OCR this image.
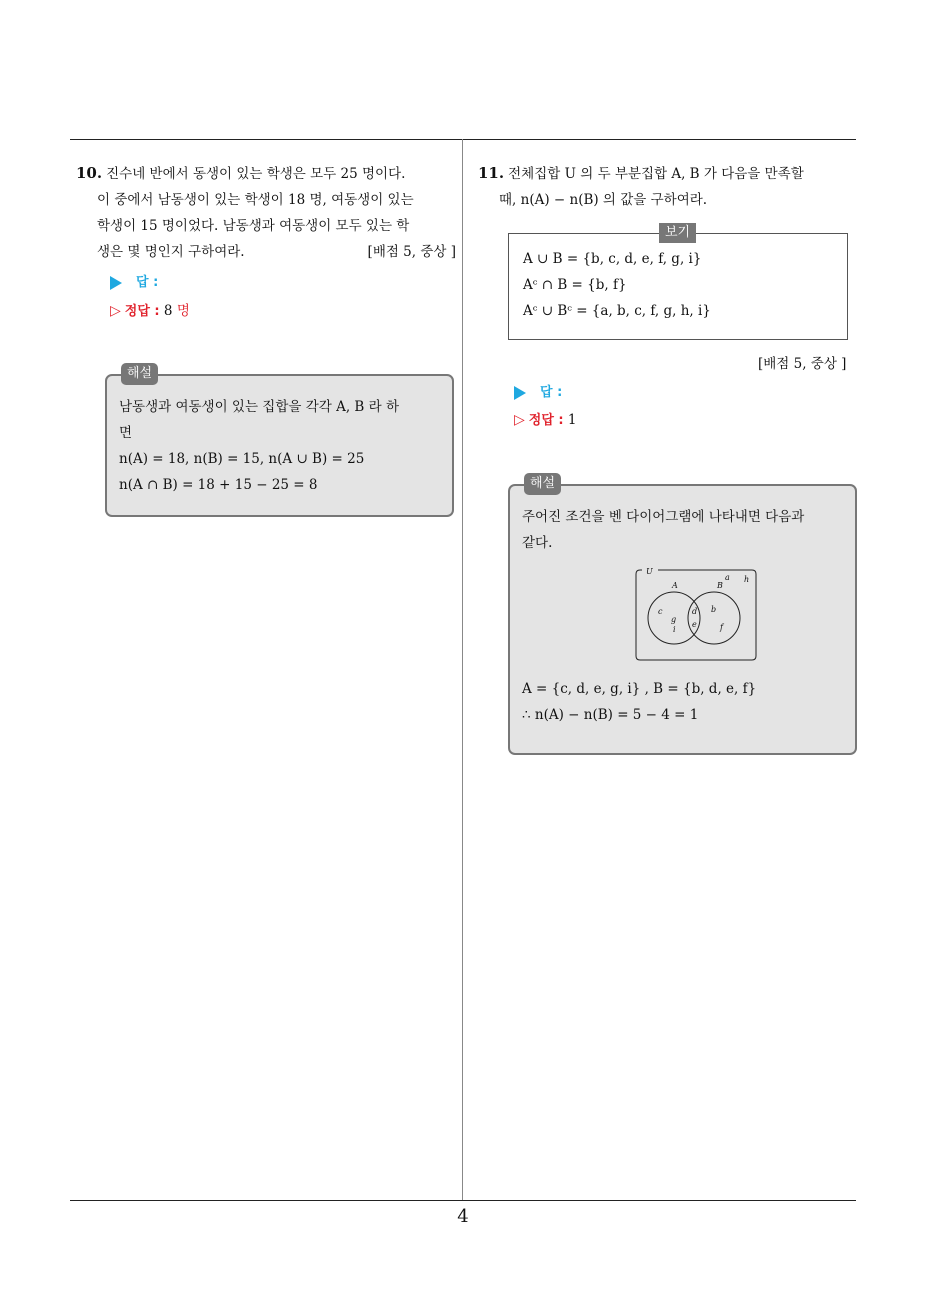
10. 진수네 반에서 동생이 있는 학생은 모두 25 명이다.
이 중에서 남동생이 있는 학생이 18 명, 여동생이 있는
학생이 15 명이었다. 남동생과 여동생이 모두 있는 학
생은 몇 명인지 구하여라.	[배점 5, 중상 ]
답 :
▷ 정답 : 8 명
해설
남동생과 여동생이 있는 집합을 각각 A, B 라 하
면
n(A) = 18, n(B) = 15, n(A ∪ B) = 25
n(A ∩ B) = 18 + 15 − 25 = 8
11. 전체집합 U 의 두 부분집합 A, B 가 다음을 만족할
때, n(A) − n(B) 의 값을 구하여라.
보기
A ∪ B = {b, c, d, e, f, g, i}
Aᶜ ∩ B = {b, f}
Aᶜ ∪ Bᶜ = {a, b, c, f, g, h, i}
[배점 5, 중상 ]
답 :
▷ 정답 : 1
해설
주어진 조건을 벤 다이어그램에 나타내면 다음과
같다.
U
A	B
a h
c
g
i
d
e
b
f
A = {c, d, e, g, i} , B = {b, d, e, f}
∴ n(A) − n(B) = 5 − 4 = 1
4
